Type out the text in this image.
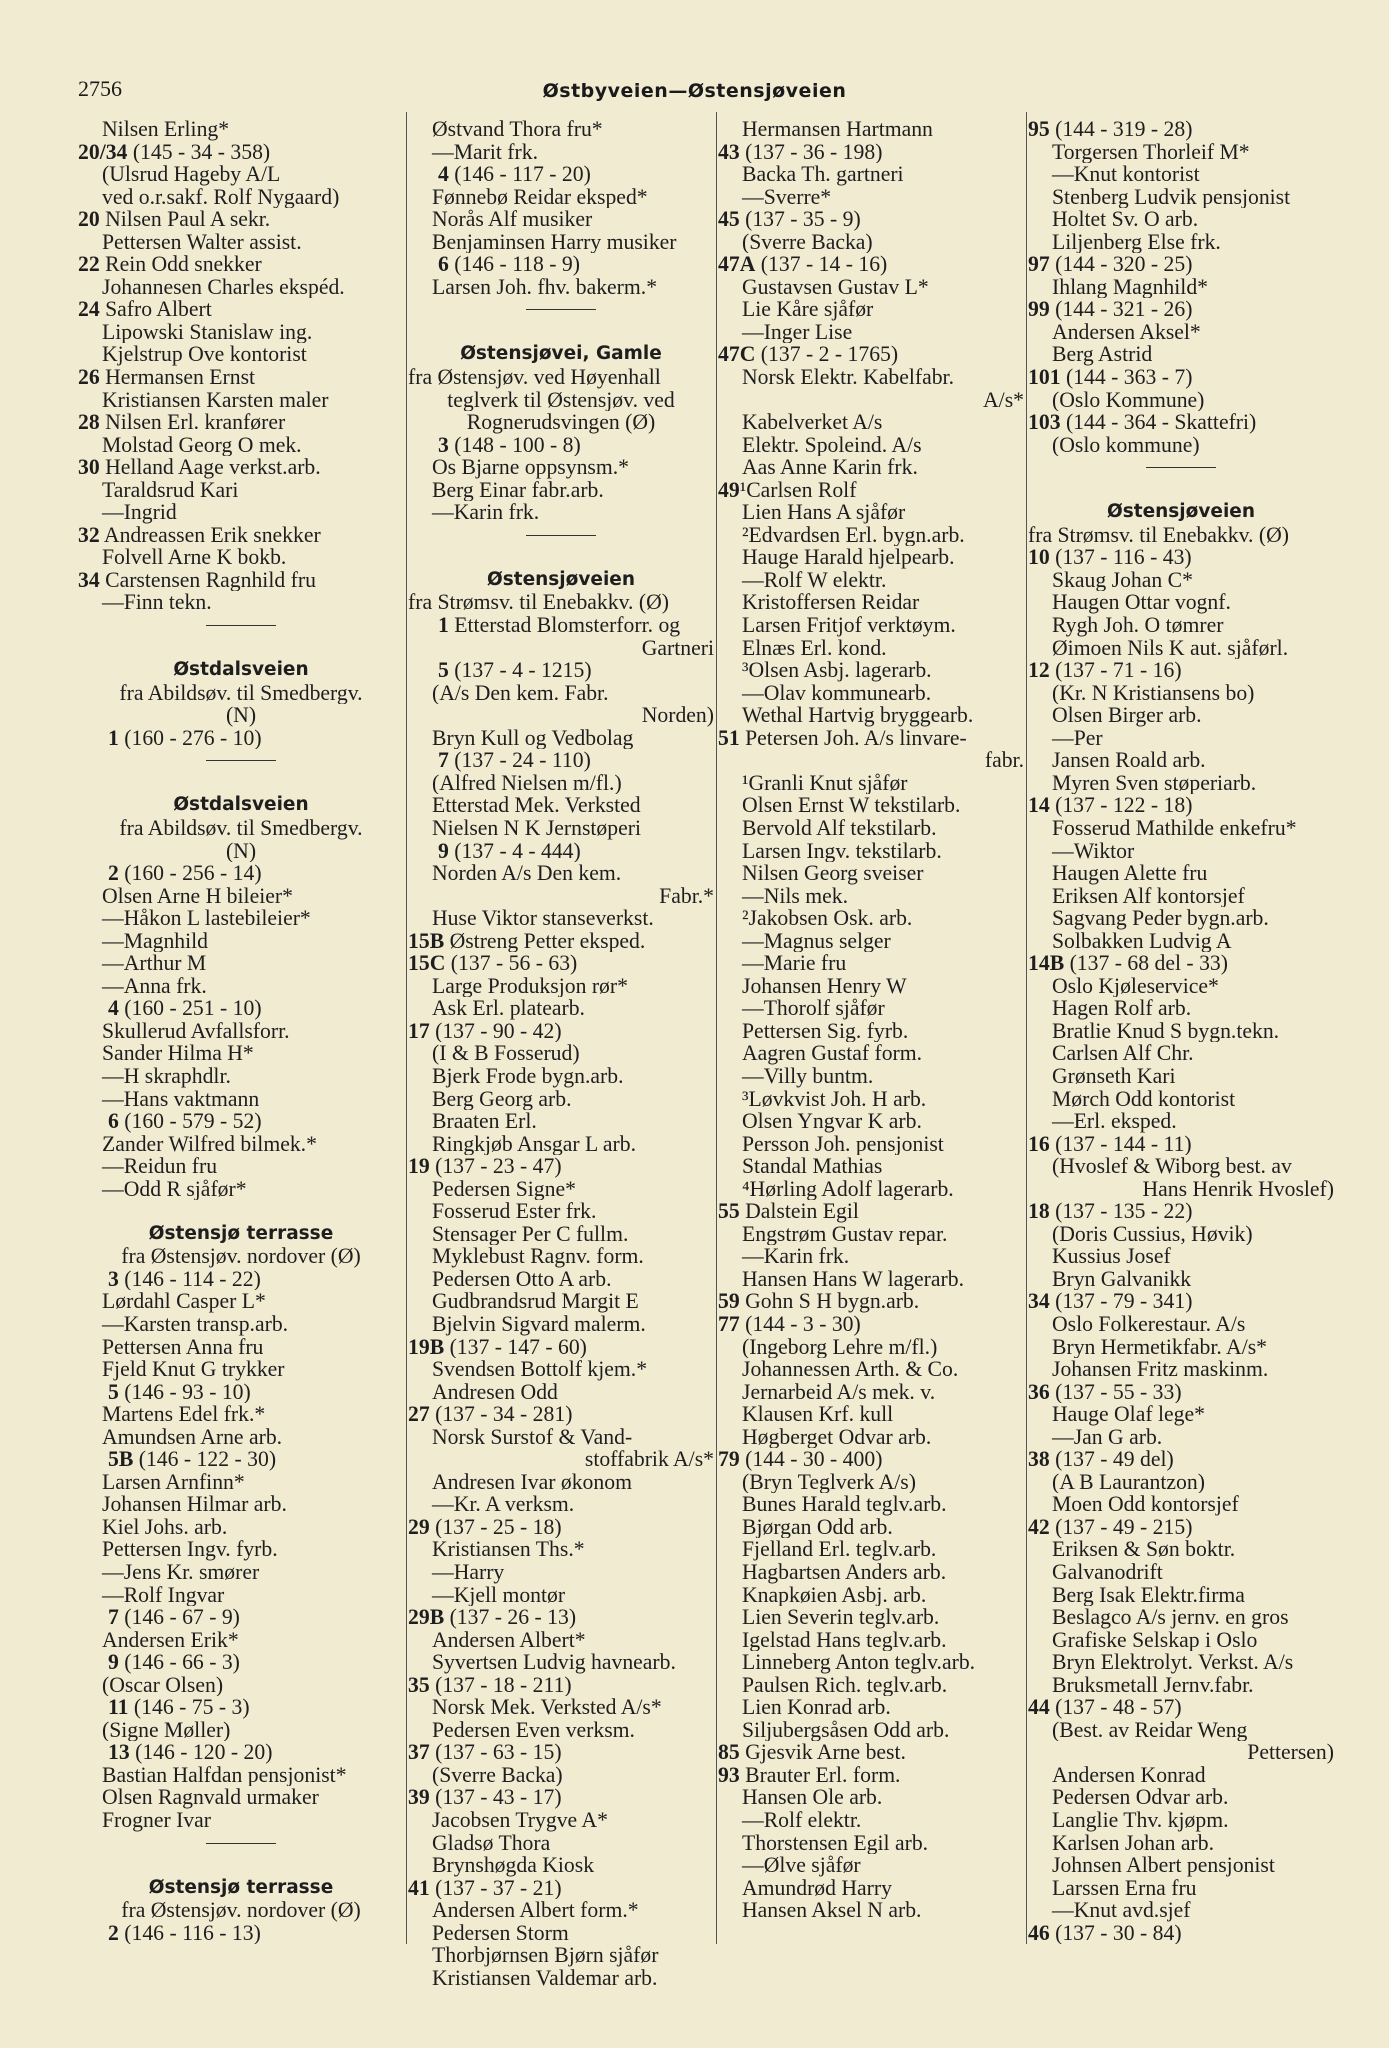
2756	Østbyveien—Østensjøveien
Nilsen Erling*
20/34 (145 - 34 - 358)
(Ulsrud Hageby A/L
ved o.r.sakf. Rolf Nygaard)
20 Nilsen Paul A sekr.
Pettersen Walter assist.
22 Rein Odd snekker
Johannesen Charles ekspéd.
24 Safro Albert
Lipowski Stanislaw ing.
Kjelstrup Ove kontorist
26 Hermansen Ernst
Kristiansen Karsten maler
28 Nilsen Erl. kranfører
Molstad Georg O mek.
30 Helland Aage verkst.arb.
Taraldsrud Kari
—Ingrid
32 Andreassen Erik snekker
Folvell Arne K bokb.
34 Carstensen Ragnhild fru
—Finn tekn.
Østdalsveien
fra Abildsøv. til Smedbergv.
(N)
1 (160 - 276 - 10)
Østdalsveien
fra Abildsøv. til Smedbergv.
(N)
2 (160 - 256 - 14)
Olsen Arne H bileier*
—Håkon L lastebileier*
—Magnhild
—Arthur M
—Anna frk.
4 (160 - 251 - 10)
Skullerud Avfallsforr.
Sander Hilma H*
—H skraphdlr.
—Hans vaktmann
6 (160 - 579 - 52)
Zander Wilfred bilmek.*
—Reidun fru
—Odd R sjåfør*
Østensjø terrasse
fra Østensjøv. nordover (Ø)
3 (146 - 114 - 22)
Lørdahl Casper L*
—Karsten transp.arb.
Pettersen Anna fru
Fjeld Knut G trykker
5 (146 - 93 - 10)
Martens Edel frk.*
Amundsen Arne arb.
5B (146 - 122 - 30)
Larsen Arnfinn*
Johansen Hilmar arb.
Kiel Johs. arb.
Pettersen Ingv. fyrb.
—Jens Kr. smører
—Rolf Ingvar
7 (146 - 67 - 9)
Andersen Erik*
9 (146 - 66 - 3)
(Oscar Olsen)
11 (146 - 75 - 3)
(Signe Møller)
13 (146 - 120 - 20)
Bastian Halfdan pensjonist*
Olsen Ragnvald urmaker
Frogner Ivar
Østensjø terrasse
fra Østensjøv. nordover (Ø)
2 (146 - 116 - 13)
Østvand Thora fru*
—Marit frk.
4 (146 - 117 - 20)
Fønnebø Reidar eksped*
Norås Alf musiker
Benjaminsen Harry musiker
6 (146 - 118 - 9)
Larsen Joh. fhv. bakerm.*
Østensjøvei, Gamle
fra Østensjøv. ved Høyenhall
teglverk til Østensjøv. ved
Rognerudsvingen (Ø)
3 (148 - 100 - 8)
Os Bjarne oppsynsm.*
Berg Einar fabr.arb.
—Karin frk.
Østensjøveien
fra Strømsv. til Enebakkv. (Ø)
1 Etterstad Blomsterforr. og
Gartneri
5 (137 - 4 - 1215)
(A/s Den kem. Fabr.
Norden)
Bryn Kull og Vedbolag
7 (137 - 24 - 110)
(Alfred Nielsen m/fl.)
Etterstad Mek. Verksted
Nielsen N K Jernstøperi
9 (137 - 4 - 444)
Norden A/s Den kem.
Fabr.*
Huse Viktor stanseverkst.
15B Østreng Petter eksped.
15C (137 - 56 - 63)
Large Produksjon rør*
Ask Erl. platearb.
17 (137 - 90 - 42)
(I & B Fosserud)
Bjerk Frode bygn.arb.
Berg Georg arb.
Braaten Erl.
Ringkjøb Ansgar L arb.
19 (137 - 23 - 47)
Pedersen Signe*
Fosserud Ester frk.
Stensager Per C fullm.
Myklebust Ragnv. form.
Pedersen Otto A arb.
Gudbrandsrud Margit E
Bjelvin Sigvard malerm.
19B (137 - 147 - 60)
Svendsen Bottolf kjem.*
Andresen Odd
27 (137 - 34 - 281)
Norsk Surstof & Vand-
stoffabrik A/s*
Andresen Ivar økonom
—Kr. A verksm.
29 (137 - 25 - 18)
Kristiansen Ths.*
—Harry
—Kjell montør
29B (137 - 26 - 13)
Andersen Albert*
Syvertsen Ludvig havnearb.
35 (137 - 18 - 211)
Norsk Mek. Verksted A/s*
Pedersen Even verksm.
37 (137 - 63 - 15)
(Sverre Backa)
39 (137 - 43 - 17)
Jacobsen Trygve A*
Gladsø Thora
Brynshøgda Kiosk
41 (137 - 37 - 21)
Andersen Albert form.*
Pedersen Storm
Thorbjørnsen Bjørn sjåfør
Kristiansen Valdemar arb.
Hermansen Hartmann
43 (137 - 36 - 198)
Backa Th. gartneri
—Sverre*
45 (137 - 35 - 9)
(Sverre Backa)
47A (137 - 14 - 16)
Gustavsen Gustav L*
Lie Kåre sjåfør
—Inger Lise
47C (137 - 2 - 1765)
Norsk Elektr. Kabelfabr.
A/s*
Kabelverket A/s
Elektr. Spoleind. A/s
Aas Anne Karin frk.
49¹Carlsen Rolf
Lien Hans A sjåfør
²Edvardsen Erl. bygn.arb.
Hauge Harald hjelpearb.
—Rolf W elektr.
Kristoffersen Reidar
Larsen Fritjof verktøym.
Elnæs Erl. kond.
³Olsen Asbj. lagerarb.
—Olav kommunearb.
Wethal Hartvig bryggearb.
51 Petersen Joh. A/s linvare-
fabr.
¹Granli Knut sjåfør
Olsen Ernst W tekstilarb.
Bervold Alf tekstilarb.
Larsen Ingv. tekstilarb.
Nilsen Georg sveiser
—Nils mek.
²Jakobsen Osk. arb.
—Magnus selger
—Marie fru
Johansen Henry W
—Thorolf sjåfør
Pettersen Sig. fyrb.
Aagren Gustaf form.
—Villy buntm.
³Løvkvist Joh. H arb.
Olsen Yngvar K arb.
Persson Joh. pensjonist
Standal Mathias
⁴Hørling Adolf lagerarb.
55 Dalstein Egil
Engstrøm Gustav repar.
—Karin frk.
Hansen Hans W lagerarb.
59 Gohn S H bygn.arb.
77 (144 - 3 - 30)
(Ingeborg Lehre m/fl.)
Johannessen Arth. & Co.
Jernarbeid A/s mek. v.
Klausen Krf. kull
Høgberget Odvar arb.
79 (144 - 30 - 400)
(Bryn Teglverk A/s)
Bunes Harald teglv.arb.
Bjørgan Odd arb.
Fjelland Erl. teglv.arb.
Hagbartsen Anders arb.
Knapkøien Asbj. arb.
Lien Severin teglv.arb.
Igelstad Hans teglv.arb.
Linneberg Anton teglv.arb.
Paulsen Rich. teglv.arb.
Lien Konrad arb.
Siljubergsåsen Odd arb.
85 Gjesvik Arne best.
93 Brauter Erl. form.
Hansen Ole arb.
—Rolf elektr.
Thorstensen Egil arb.
—Ølve sjåfør
Amundrød Harry
Hansen Aksel N arb.
95 (144 - 319 - 28)
Torgersen Thorleif M*
—Knut kontorist
Stenberg Ludvik pensjonist
Holtet Sv. O arb.
Liljenberg Else frk.
97 (144 - 320 - 25)
Ihlang Magnhild*
99 (144 - 321 - 26)
Andersen Aksel*
Berg Astrid
101 (144 - 363 - 7)
(Oslo Kommune)
103 (144 - 364 - Skattefri)
(Oslo kommune)
Østensjøveien
fra Strømsv. til Enebakkv. (Ø)
10 (137 - 116 - 43)
Skaug Johan C*
Haugen Ottar vognf.
Rygh Joh. O tømrer
Øimoen Nils K aut. sjåførl.
12 (137 - 71 - 16)
(Kr. N Kristiansens bo)
Olsen Birger arb.
—Per
Jansen Roald arb.
Myren Sven støperiarb.
14 (137 - 122 - 18)
Fosserud Mathilde enkefru*
—Wiktor
Haugen Alette fru
Eriksen Alf kontorsjef
Sagvang Peder bygn.arb.
Solbakken Ludvig A
14B (137 - 68 del - 33)
Oslo Kjøleservice*
Hagen Rolf arb.
Bratlie Knud S bygn.tekn.
Carlsen Alf Chr.
Grønseth Kari
Mørch Odd kontorist
—Erl. eksped.
16 (137 - 144 - 11)
(Hvoslef & Wiborg best. av
Hans Henrik Hvoslef)
18 (137 - 135 - 22)
(Doris Cussius, Høvik)
Kussius Josef
Bryn Galvanikk
34 (137 - 79 - 341)
Oslo Folkerestaur. A/s
Bryn Hermetikfabr. A/s*
Johansen Fritz maskinm.
36 (137 - 55 - 33)
Hauge Olaf lege*
—Jan G arb.
38 (137 - 49 del)
(A B Laurantzon)
Moen Odd kontorsjef
42 (137 - 49 - 215)
Eriksen & Søn boktr.
Galvanodrift
Berg Isak Elektr.firma
Beslagco A/s jernv. en gros
Grafiske Selskap i Oslo
Bryn Elektrolyt. Verkst. A/s
Bruksmetall Jernv.fabr.
44 (137 - 48 - 57)
(Best. av Reidar Weng
Pettersen)
Andersen Konrad
Pedersen Odvar arb.
Langlie Thv. kjøpm.
Karlsen Johan arb.
Johnsen Albert pensjonist
Larssen Erna fru
—Knut avd.sjef
46 (137 - 30 - 84)
